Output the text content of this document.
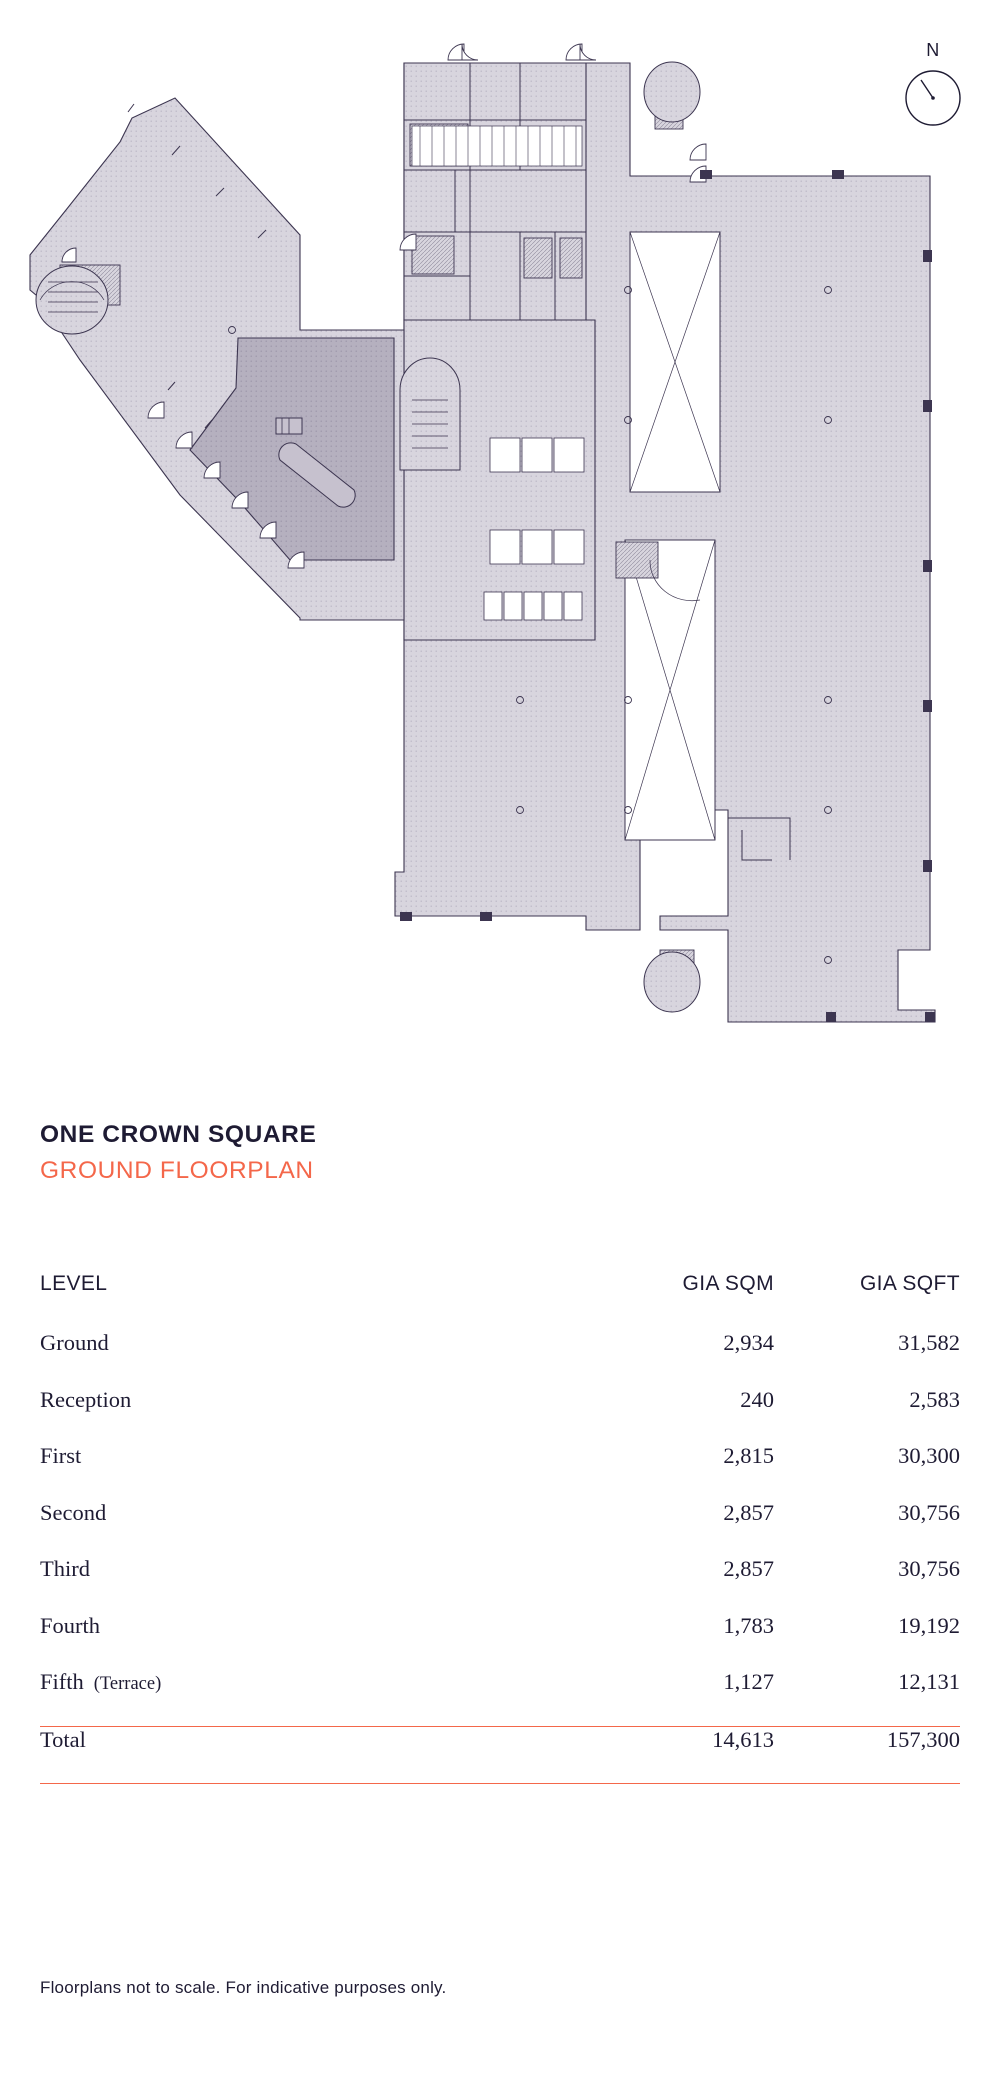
N
ONE CROWN SQUARE
GROUND FLOORPLAN
LEVEL	GIA SQM	GIA SQFT
Ground	2,934	31,582
Reception	240	2,583
First	2,815	30,300
Second	2,857	30,756
Third	2,857	30,756
Fourth	1,783	19,192
Fifth (Terrace)	1,127	12,131
Total	14,613	157,300
Floorplans not to scale. For indicative purposes only.
